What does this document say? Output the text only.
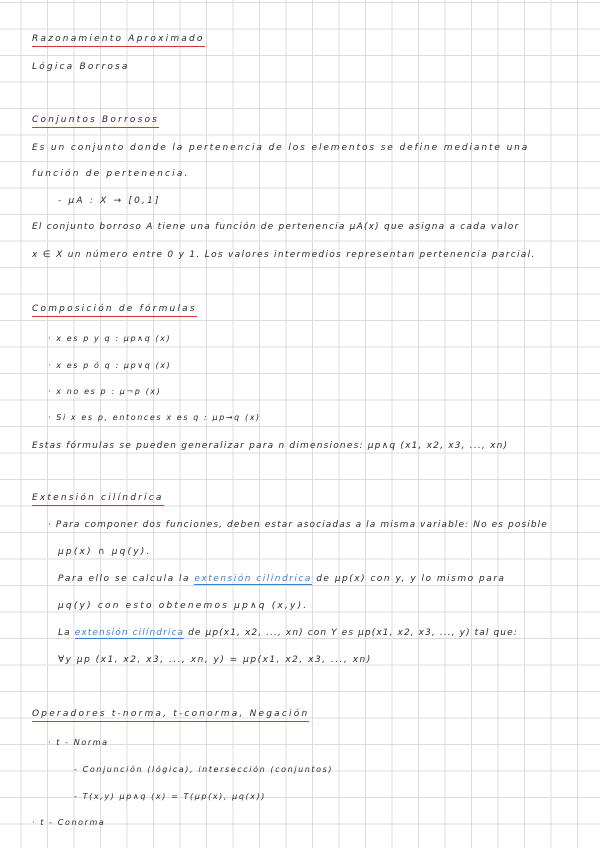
Razonamiento Aproximado
Lógica Borrosa
Conjuntos Borrosos
Es un conjunto donde la pertenencia de los elementos se define mediante una
función de pertenencia.
- μA : X → [0,1]
El conjunto borroso A tiene una función de pertenencia μA(x) que asigna a cada valor
x ∈ X un número entre 0 y 1. Los valores intermedios representan pertenencia parcial.
Composición de fórmulas
· x es p y q : μp∧q (x)
· x es p ó q : μp∨q (x)
· x no es p : μ¬p (x)
· Si x es p, entonces x es q : μp→q (x)
Estas fórmulas se pueden generalizar para n dimensiones: μp∧q (x1, x2, x3, ..., xn)
Extensión cilíndrica
· Para componer dos funciones, deben estar asociadas a la misma variable: No es posible
μp(x) ∩ μq(y).
Para ello se calcula la extensión cilíndrica de μp(x) con y, y lo mismo para
μq(y) con esto obtenemos μp∧q (x,y).
La extensión cilíndrica de μp(x1, x2, ..., xn) con Y es μp(x1, x2, x3, ..., y) tal que:
∀y μp (x1, x2, x3, ..., xn, y) = μp(x1, x2, x3, ..., xn)
Operadores t-norma, t-conorma, Negación
· t - Norma
- Conjunción (lógica), intersección (conjuntos)
- T(x,y) μp∧q (x) = T(μp(x), μq(x))
· t - Conorma
